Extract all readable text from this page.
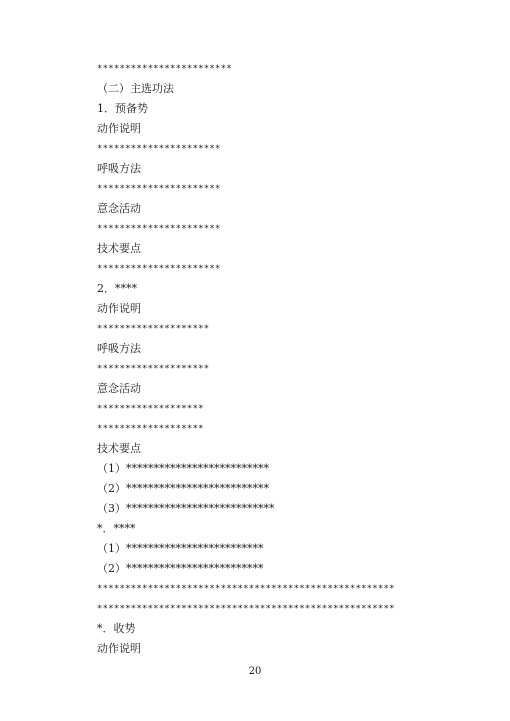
************************
（二）主选功法
1．预备势
动作说明
**********************
呼吸方法
**********************
意念活动
**********************
技术要点
**********************
2．****
动作说明
********************
呼吸方法
********************
意念活动
*******************
*******************
技术要点
（1）**************************
（2）**************************
（3）***************************
*．****
（1）*************************
（2）*************************
*****************************************************
*****************************************************
*．收势
动作说明
20
